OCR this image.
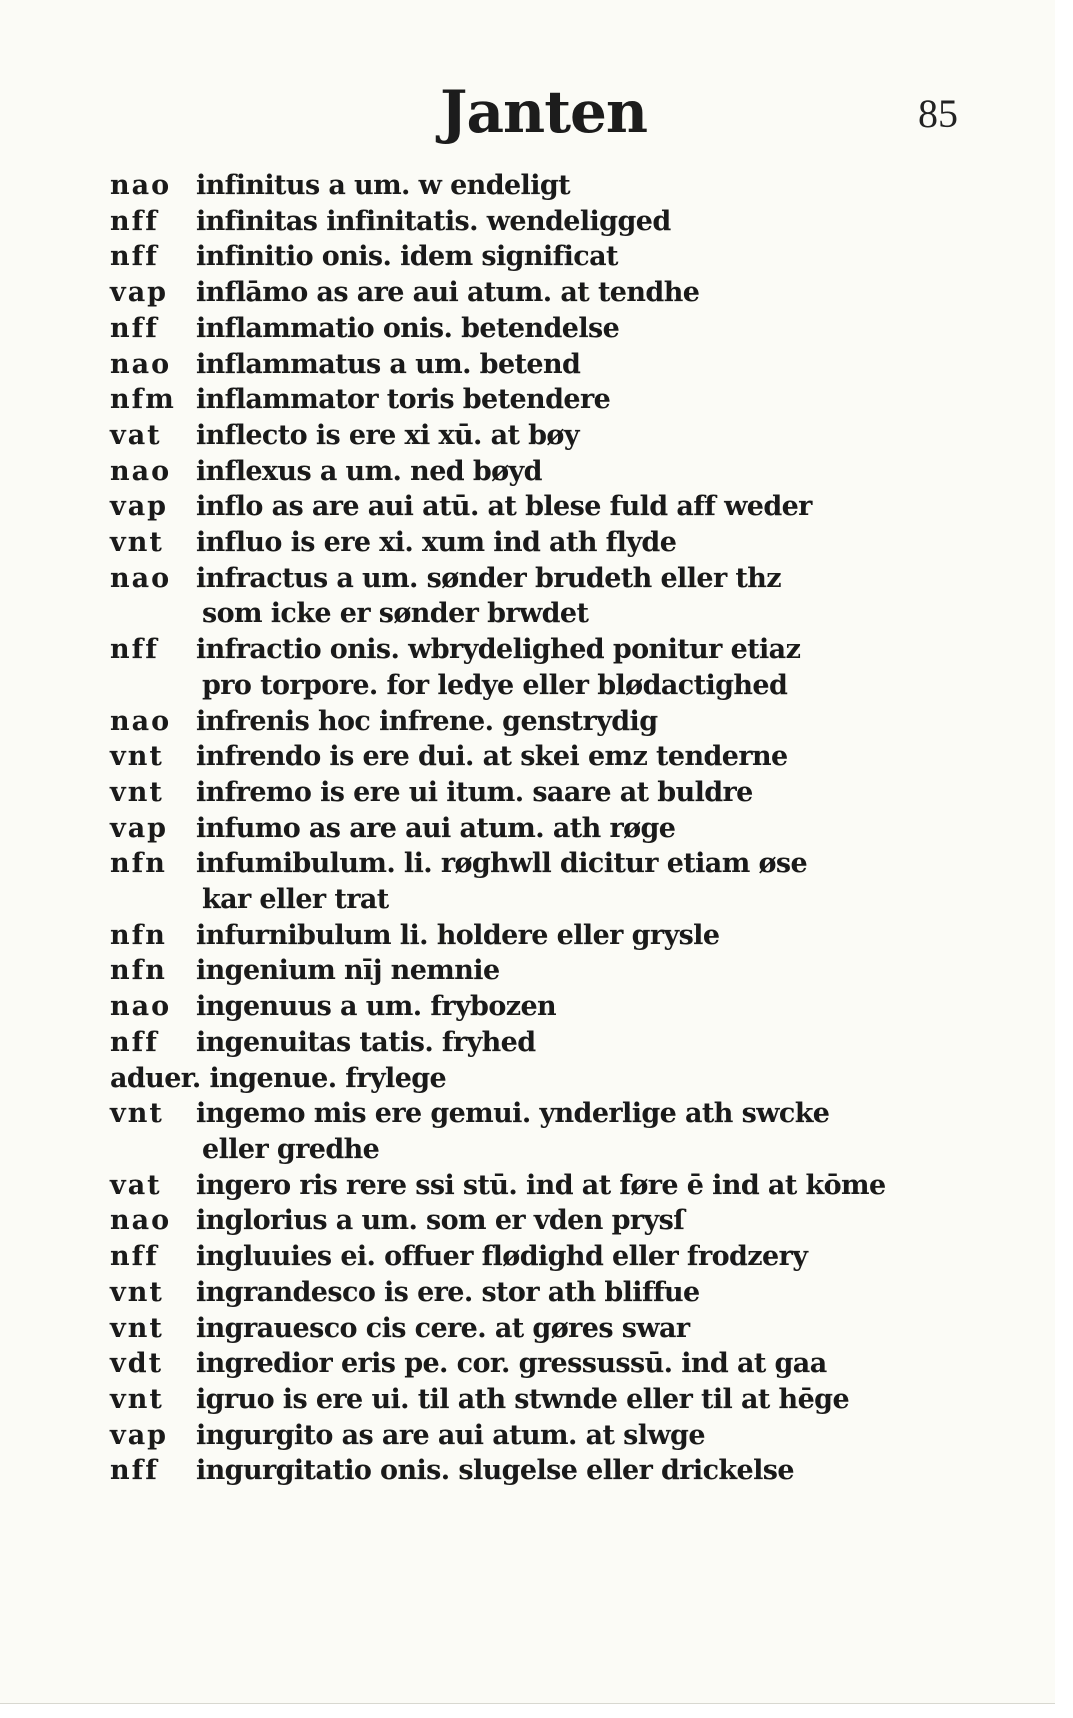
Janten	85
nao infinitus a um. w endeligt
nff	infinitas infinitatis. wendeligged
nff	infinitio onis. idem significat
vap	inflāmo as are aui atum. at tendhe
nff	inflammatio onis. betendelse
nao inflammatus a um. betend
nfm inflammator toris betendere
vat	inflecto is ere xi xū. at bøy
nao inflexus a um. ned bøyd
vap	inflo as are aui atū. at blese fuld aff weder
vnt	influo is ere xi. xum ind ath flyde
nao infractus a um. sønder brudeth eller thz
som icke er sønder brwdet
nff	infractio onis. wbrydelighed ponitur etiaz
pro torpore. for ledye eller blødactighed
nao infrenis hoc infrene. genstrydig
vnt	infrendo is ere dui. at skei emz tenderne
vnt	infremo is ere ui itum. saare at buldre
vap	infumo as are aui atum. ath røge
nfn	infumibulum. li. røghwll dicitur etiam øse
kar eller trat
nfn	infurnibulum li. holdere eller grysle
nfn	ingenium nīj nemnie
nao ingenuus a um. frybozen
nff	ingenuitas tatis. fryhed
aduer. ingenue. frylege
vnt	ingemo mis ere gemui. ynderlige ath swcke
eller gredhe
vat	ingero ris rere ssi stū. ind at føre ē ind at kōme
nao inglorius a um. som er vden prysſ
nff	ingluuies ei. offuer flødighd eller frodzery
vnt	ingrandesco is ere. stor ath bliffue
vnt	ingrauesco cis cere. at gøres swar
vdt	ingredior eris pe. cor. gressussū. ind at gaa
vnt	igruo is ere ui. til ath stwnde eller til at hēge
vap	ingurgito as are aui atum. at slwge
nff	ingurgitatio onis. slugelse eller drickelse
